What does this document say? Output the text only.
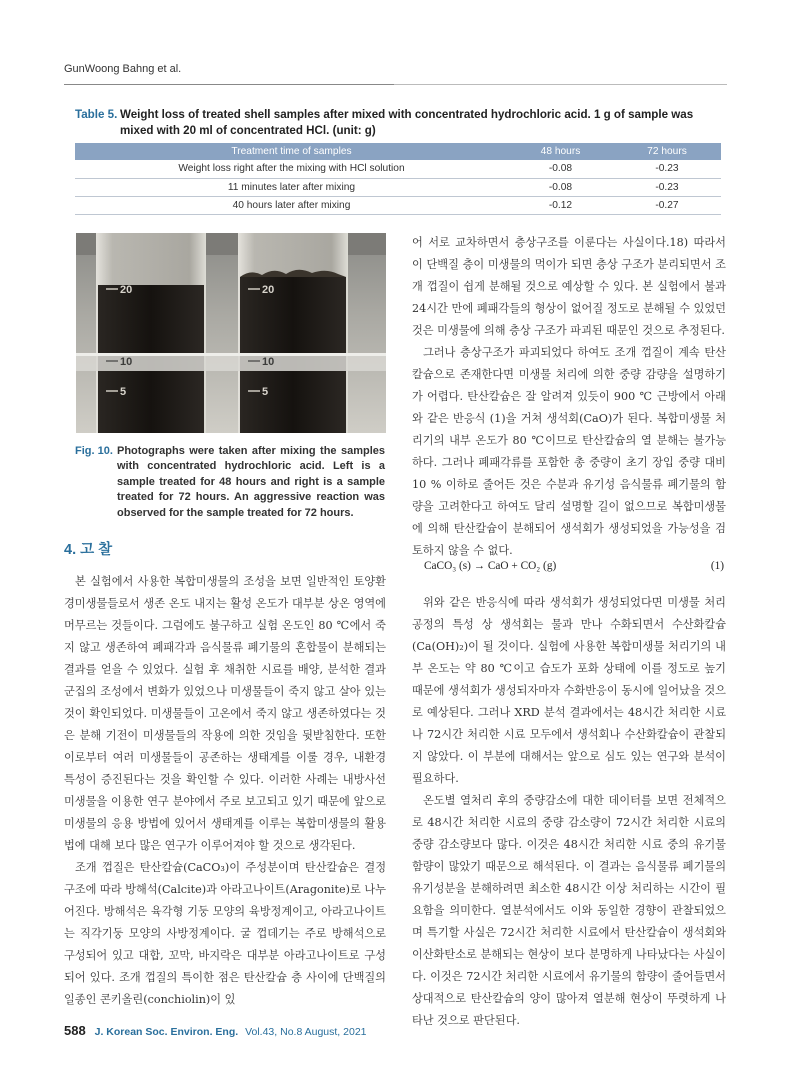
GunWoong Bahng et al.
Table 5. Weight loss of treated shell samples after mixed with concentrated hydrochloric acid. 1 g of sample was mixed with 20 ml of concentrated HCl. (unit: g)
Treatment time of samples	48 hours	72 hours
Weight loss right after the mixing with HCl solution	-0.08	-0.23
11 minutes later after mixing	-0.08	-0.23
40 hours later after mixing	-0.12	-0.27
20	20
10	10
5	5
Fig. 10. Photographs were taken after mixing the samples with concentrated hydrochloric acid. Left is a sample treated for 48 hours and right is a sample treated for 72 hours. An aggressive reaction was observed for the sample treated for 72 hours.
4. 고 찰

본 실험에서 사용한 복합미생물의 조성을 보면 일반적인 토양환경미생물들로서 생존 온도 내지는 활성 온도가 대부분 상온 영역에 머무르는 것들이다. 그럼에도 불구하고 실험 온도인 80 ℃에서 죽지 않고 생존하여 폐패각과 음식물류 폐기물의 혼합물이 분해되는 결과를 얻을 수 있었다. 실험 후 채취한 시료를 배양, 분석한 결과 군집의 조성에서 변화가 있었으나 미생물들이 죽지 않고 살아 있는 것이 확인되었다. 미생물들이 고온에서 죽지 않고 생존하였다는 것은 분해 기전이 미생물들의 작용에 의한 것임을 뒷받침한다. 또한 이로부터 여러 미생물들이 공존하는 생태계를 이룰 경우, 내환경 특성이 증진된다는 것을 확인할 수 있다. 이러한 사례는 내방사선 미생물을 이용한 연구 분야에서 주로 보고되고 있기 때문에 앞으로 미생물의 응용 방법에 있어서 생태계를 이루는 복합미생물의 활용법에 대해 보다 많은 연구가 이루어져야 할 것으로 생각된다.

조개 껍질은 탄산칼슘(CaCO₃)이 주성분이며 탄산칼슘은 결정구조에 따라 방해석(Calcite)과 아라고나이트(Aragonite)로 나누어진다. 방해석은 육각형 기둥 모양의 육방정계이고, 아라고나이트는 직각기둥 모양의 사방정계이다. 굴 껍데기는 주로 방해석으로 구성되어 있고 대합, 꼬막, 바지락은 대부분 아라고나이트로 구성되어 있다. 조개 껍질의 특이한 점은 탄산칼슘 층 사이에 단백질의 일종인 콘키올린(conchiolin)이 있

어 서로 교차하면서 층상구조를 이룬다는 사실이다.18) 따라서 이 단백질 층이 미생물의 먹이가 되면 층상 구조가 분리되면서 조개 껍질이 쉽게 분해될 것으로 예상할 수 있다. 본 실험에서 불과 24시간 만에 폐패각들의 형상이 없어질 정도로 분해될 수 있었던 것은 미생물에 의해 층상 구조가 파괴된 때문인 것으로 추정된다.

그러나 층상구조가 파괴되었다 하여도 조개 껍질이 계속 탄산칼슘으로 존재한다면 미생물 처리에 의한 중량 감량을 설명하기가 어렵다. 탄산칼슘은 잘 알려져 있듯이 900 ℃ 근방에서 아래와 같은 반응식 (1)을 거쳐 생석회(CaO)가 된다. 복합미생물 처리기의 내부 온도가 80 ℃이므로 탄산칼슘의 열 분해는 불가능하다. 그러나 폐패각류를 포함한 총 중량이 초기 장입 중량 대비 10 % 이하로 줄어든 것은 수분과 유기성 음식물류 폐기물의 함량을 고려한다고 하여도 달리 설명할 길이 없으므로 복합미생물에 의해 탄산칼슘이 분해되어 생석회가 생성되었을 가능성을 검토하지 않을 수 없다.

CaCO₃ (s) → CaO + CO₂ (g)	(1)

위와 같은 반응식에 따라 생석회가 생성되었다면 미생물 처리 공정의 특성 상 생석회는 물과 만나 수화되면서 수산화칼슘(Ca(OH)₂)이 될 것이다. 실험에 사용한 복합미생물 처리기의 내부 온도는 약 80 ℃이고 습도가 포화 상태에 이를 정도로 높기 때문에 생석회가 생성되자마자 수화반응이 동시에 일어났을 것으로 예상된다. 그러나 XRD 분석 결과에서는 48시간 처리한 시료나 72시간 처리한 시료 모두에서 생석회나 수산화칼슘이 관찰되지 않았다. 이 부분에 대해서는 앞으로 심도 있는 연구와 분석이 필요하다.

온도별 열처리 후의 중량감소에 대한 데이터를 보면 전체적으로 48시간 처리한 시료의 중량 감소량이 72시간 처리한 시료의 중량 감소량보다 많다. 이것은 48시간 처리한 시료 중의 유기물 함량이 많았기 때문으로 해석된다. 이 결과는 음식물류 폐기물의 유기성분을 분해하려면 최소한 48시간 이상 처리하는 시간이 필요함을 의미한다. 열분석에서도 이와 동일한 경향이 관찰되었으며 특기할 사실은 72시간 처리한 시료에서 탄산칼슘이 생석회와 이산화탄소로 분해되는 현상이 보다 분명하게 나타났다는 사실이다. 이것은 72시간 처리한 시료에서 유기물의 함량이 줄어들면서 상대적으로 탄산칼슘의 양이 많아져 열분해 현상이 뚜렷하게 나타난 것으로 판단된다.

588 J. Korean Soc. Environ. Eng. Vol.43, No.8 August, 2021
